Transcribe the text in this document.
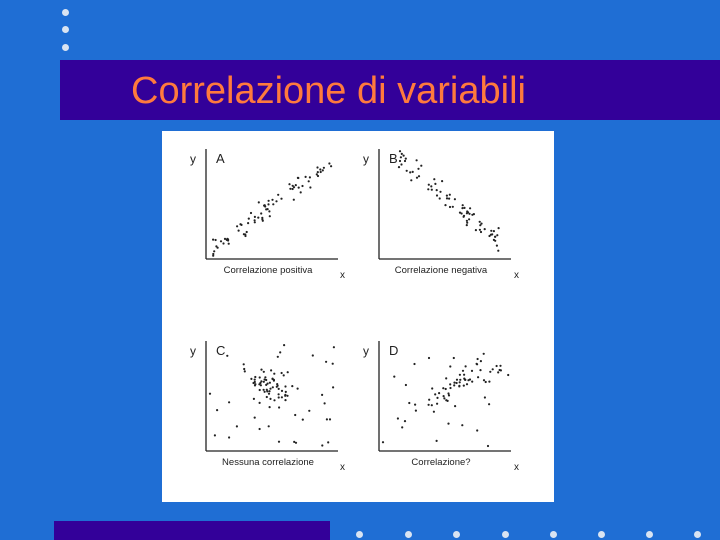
Correlazione di variabili
y A
x
Correlazione positiva
y B
x
Correlazione negativa
y C
x
Nessuna correlazione
y D
x
Correlazione?
